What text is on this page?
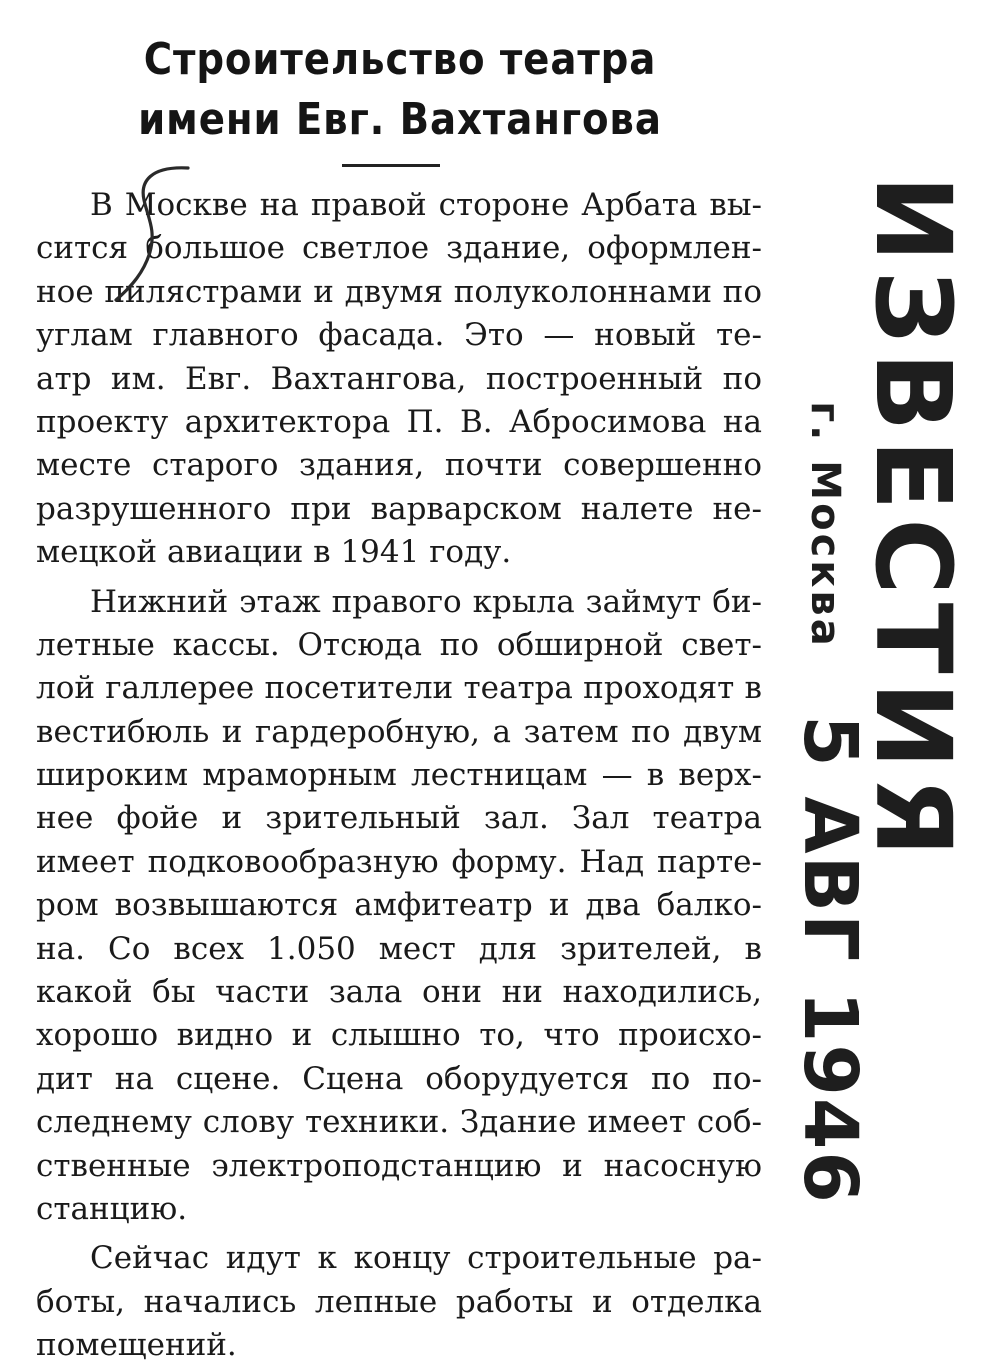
Строительство театра
имени Евг. Вахтангова
В Москве на правой стороне Арбата вы-
сится большое светлое здание, оформлен-
ное пилястрами и двумя полуколоннами по
углам главного фасада. Это — новый те-
атр им. Евг. Вахтангова, построенный по
проекту архитектора П. В. Абросимова на
месте старого здания, почти совершенно
разрушенного при варварском налете не-
мецкой авиации в 1941 году.
Нижний этаж правого крыла займут би-
летные кассы. Отсюда по обширной свет-
лой галлерее посетители театра проходят в
вестибюль и гардеробную, а затем по двум
широким мраморным лестницам — в верх-
нее фойе и зрительный зал. Зал театра
имеет подковообразную форму. Над парте-
ром возвышаются амфитеатр и два балко-
на. Со всех 1.050 мест для зрителей, в
какой бы части зала они ни находились,
хорошо видно и слышно то, что происхо-
дит на сцене. Сцена оборудуется по по-
следнему слову техники. Здание имеет соб-
ственные электроподстанцию и насосную
станцию.
Сейчас идут к концу строительные ра-
боты, начались лепные работы и отделка
помещений.
г. Москва ИЗВЕСТИЯ
5 АВГ 1946
